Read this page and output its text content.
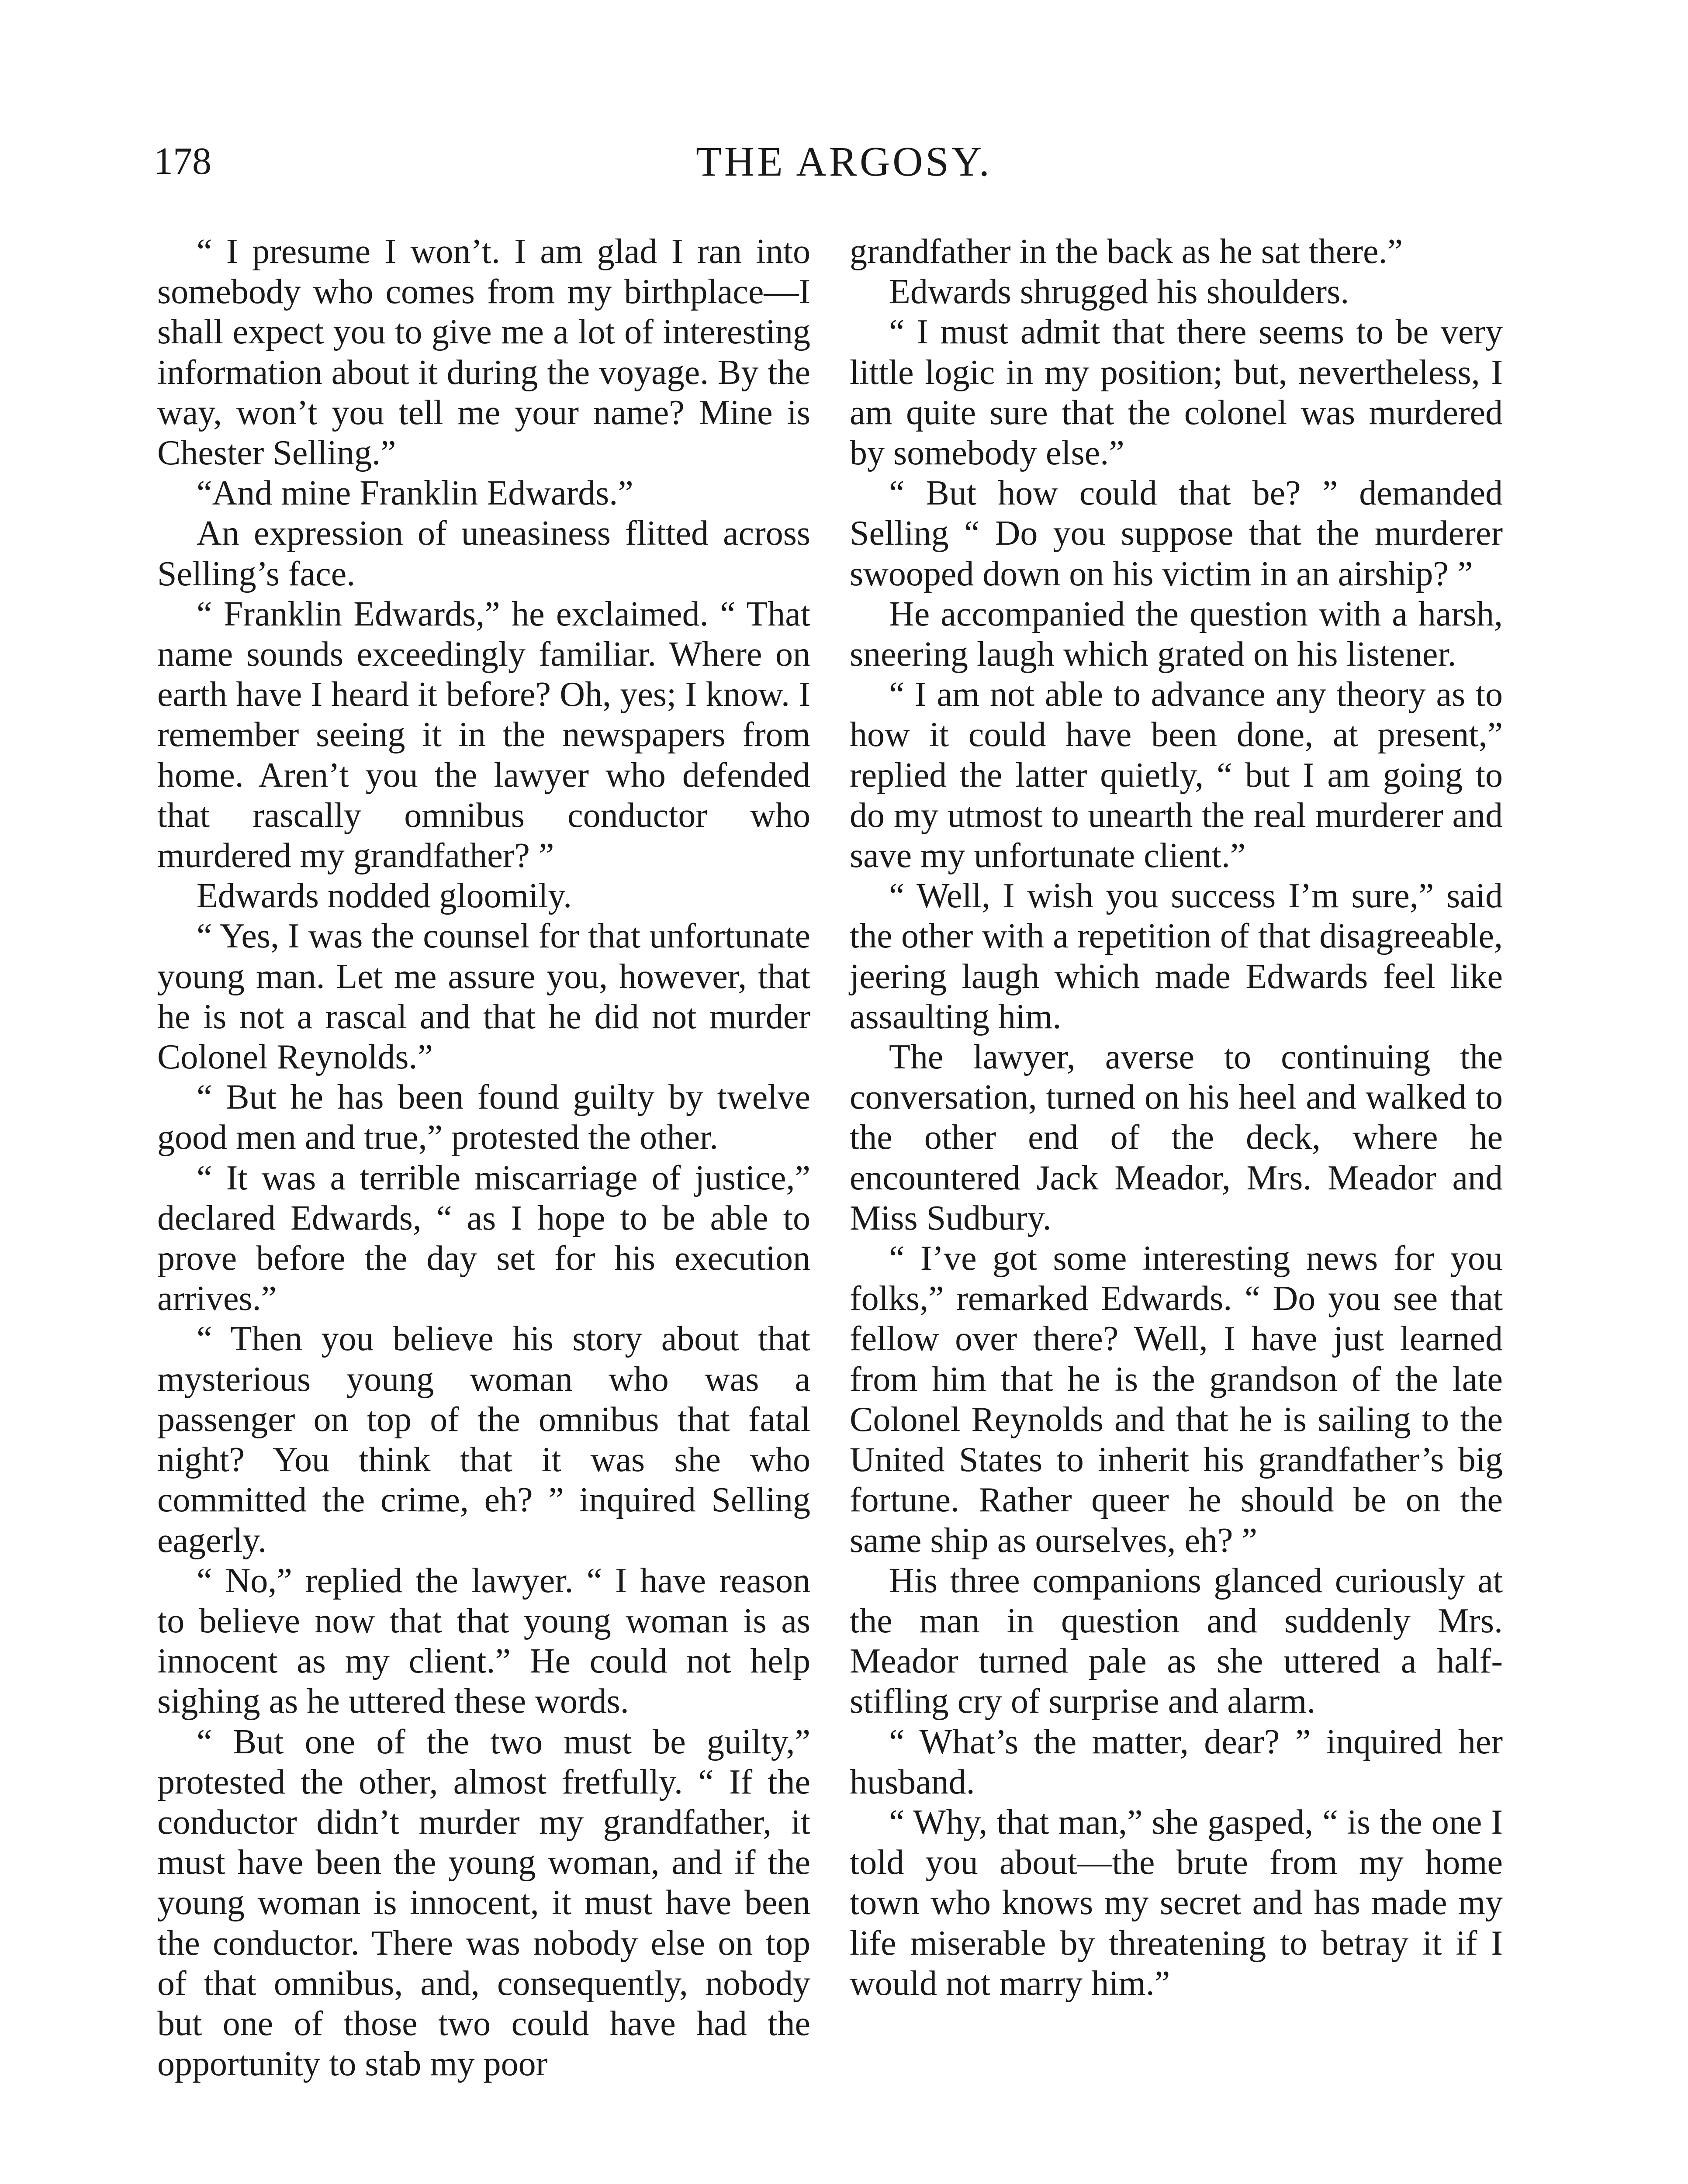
178	THE ARGOSY.

“ I presume I won’t. I am glad I ran into somebody who comes from my birthplace—I shall expect you to give me a lot of interesting information about it during the voyage. By the way, won’t you tell me your name? Mine is Chester Selling.”

“And mine Franklin Edwards.”

An expression of uneasiness flitted across Selling’s face.

“ Franklin Edwards,” he exclaimed. “ That name sounds exceedingly familiar. Where on earth have I heard it before? Oh, yes; I know. I remember seeing it in the newspapers from home. Aren’t you the lawyer who defended that rascally omnibus conductor who murdered my grandfather? ”

Edwards nodded gloomily.

“ Yes, I was the counsel for that unfortunate young man. Let me assure you, however, that he is not a rascal and that he did not murder Colonel Reynolds.”

“ But he has been found guilty by twelve good men and true,” protested the other.

“ It was a terrible miscarriage of justice,” declared Edwards, “ as I hope to be able to prove before the day set for his execution arrives.”

“ Then you believe his story about that mysterious young woman who was a passenger on top of the omnibus that fatal night? You think that it was she who committed the crime, eh? ” inquired Selling eagerly.

“ No,” replied the lawyer. “ I have reason to believe now that that young woman is as innocent as my client.” He could not help sighing as he uttered these words.

“ But one of the two must be guilty,” protested the other, almost fretfully. “ If the conductor didn’t murder my grandfather, it must have been the young woman, and if the young woman is innocent, it must have been the conductor. There was nobody else on top of that omnibus, and, consequently, nobody but one of those two could have had the opportunity to stab my poor

grandfather in the back as he sat there.”

Edwards shrugged his shoulders.

“ I must admit that there seems to be very little logic in my position; but, nevertheless, I am quite sure that the colonel was murdered by somebody else.”

“ But how could that be? ” demanded Selling “ Do you suppose that the murderer swooped down on his victim in an airship? ”

He accompanied the question with a harsh, sneering laugh which grated on his listener.

“ I am not able to advance any theory as to how it could have been done, at present,” replied the latter quietly, “ but I am going to do my utmost to unearth the real murderer and save my unfortunate client.”

“ Well, I wish you success I’m sure,” said the other with a repetition of that disagreeable, jeering laugh which made Edwards feel like assaulting him.

The lawyer, averse to continuing the conversation, turned on his heel and walked to the other end of the deck, where he encountered Jack Meador, Mrs. Meador and Miss Sudbury.

“ I’ve got some interesting news for you folks,” remarked Edwards. “ Do you see that fellow over there? Well, I have just learned from him that he is the grandson of the late Colonel Reynolds and that he is sailing to the United States to inherit his grandfather’s big fortune. Rather queer he should be on the same ship as ourselves, eh? ”

His three companions glanced curiously at the man in question and suddenly Mrs. Meador turned pale as she uttered a half-stifling cry of surprise and alarm.

“ What’s the matter, dear? ” inquired her husband.

“ Why, that man,” she gasped, “ is the one I told you about—the brute from my home town who knows my secret and has made my life miserable by threatening to betray it if I would not marry him.”
